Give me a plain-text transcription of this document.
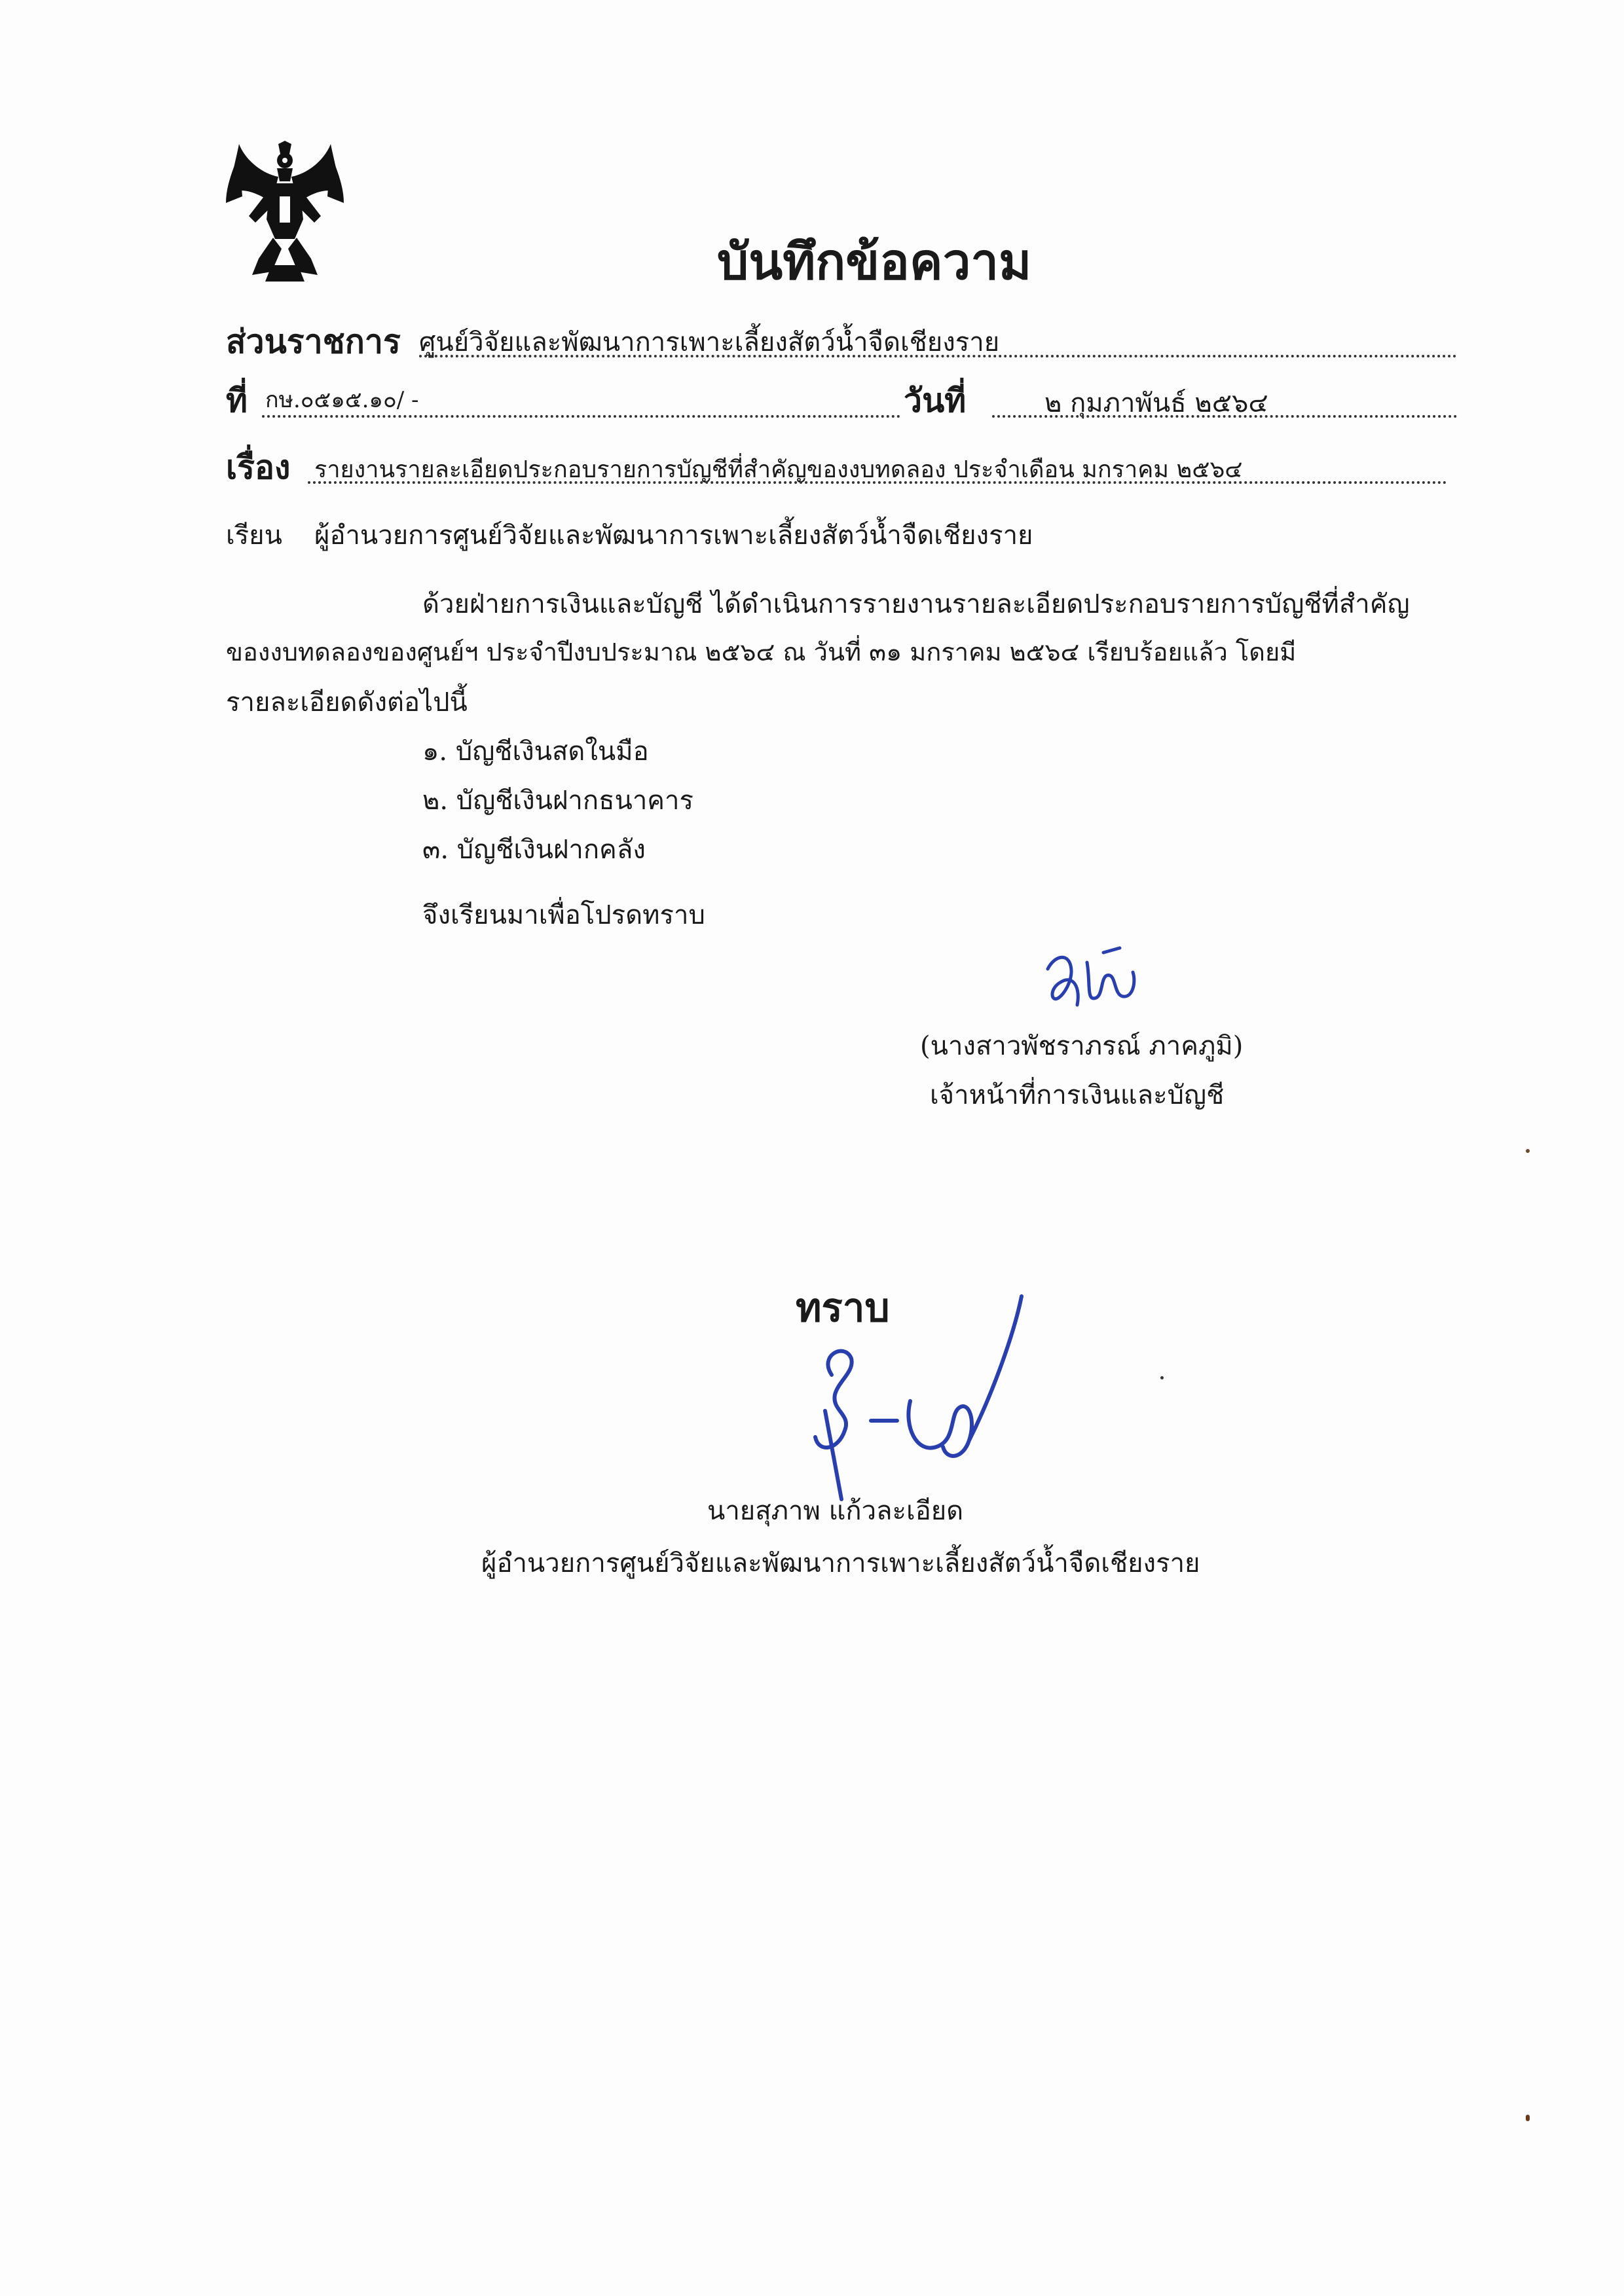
บันทึกข้อความ
ส่วนราชการ ศูนย์วิจัยและพัฒนาการเพาะเลี้ยงสัตว์น้ำจืดเชียงราย
ที่ กษ.๐๕๑๕.๑๐/ -	วันที่	๒ กุมภาพันธ์ ๒๕๖๔
เรื่อง รายงานรายละเอียดประกอบรายการบัญชีที่สำคัญของงบทดลอง ประจำเดือน มกราคม ๒๕๖๔
เรียน ผู้อำนวยการศูนย์วิจัยและพัฒนาการเพาะเลี้ยงสัตว์น้ำจืดเชียงราย
ด้วยฝ่ายการเงินและบัญชี ได้ดำเนินการรายงานรายละเอียดประกอบรายการบัญชีที่สำคัญ
ของงบทดลองของศูนย์ฯ ประจำปีงบประมาณ ๒๕๖๔ ณ วันที่ ๓๑ มกราคม ๒๕๖๔ เรียบร้อยแล้ว โดยมี
รายละเอียดดังต่อไปนี้
๑. บัญชีเงินสดในมือ
๒. บัญชีเงินฝากธนาคาร
๓. บัญชีเงินฝากคลัง
จึงเรียนมาเพื่อโปรดทราบ
(นางสาวพัชราภรณ์ ภาคภูมิ)
เจ้าหน้าที่การเงินและบัญชี
ทราบ
นายสุภาพ แก้วละเอียด
ผู้อำนวยการศูนย์วิจัยและพัฒนาการเพาะเลี้ยงสัตว์น้ำจืดเชียงราย
